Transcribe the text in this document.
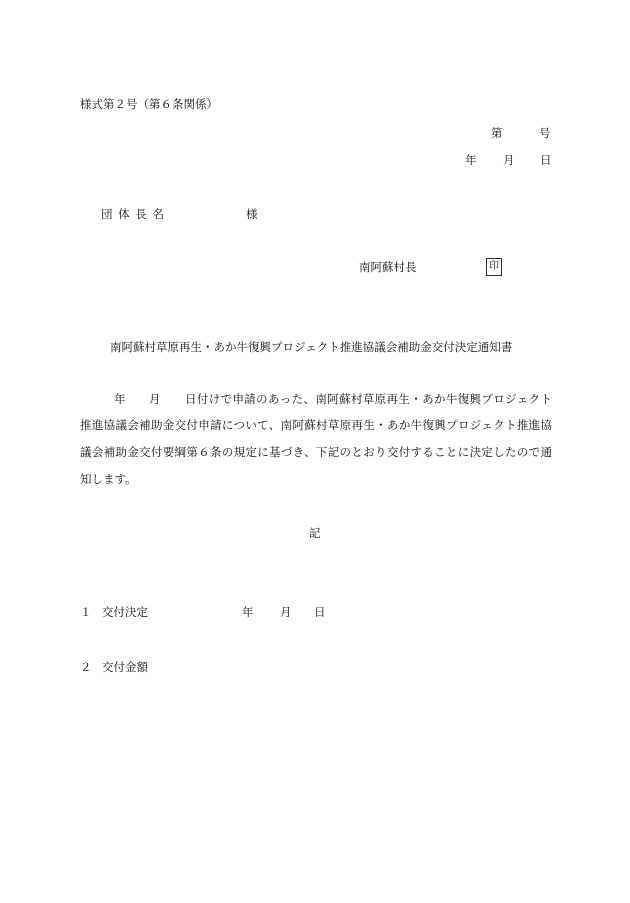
様式第２号（第６条関係）
第	号
年 月 日
団 体 長 名	様
南阿蘇村長	印
南阿蘇村草原再生・あか牛復興プロジェクト推進協議会補助金交付決定通知書
年 月 日付けで申請のあった、南阿蘇村草原再生・あか牛復興プロジェクト
推進協議会補助金交付申請について、南阿蘇村草原再生・あか牛復興プロジェクト推進協
議会補助金交付要綱第６条の規定に基づき、下記のとおり交付することに決定したので通
知します。
記
１ 交付決定	年 月 日
２ 交付金額
